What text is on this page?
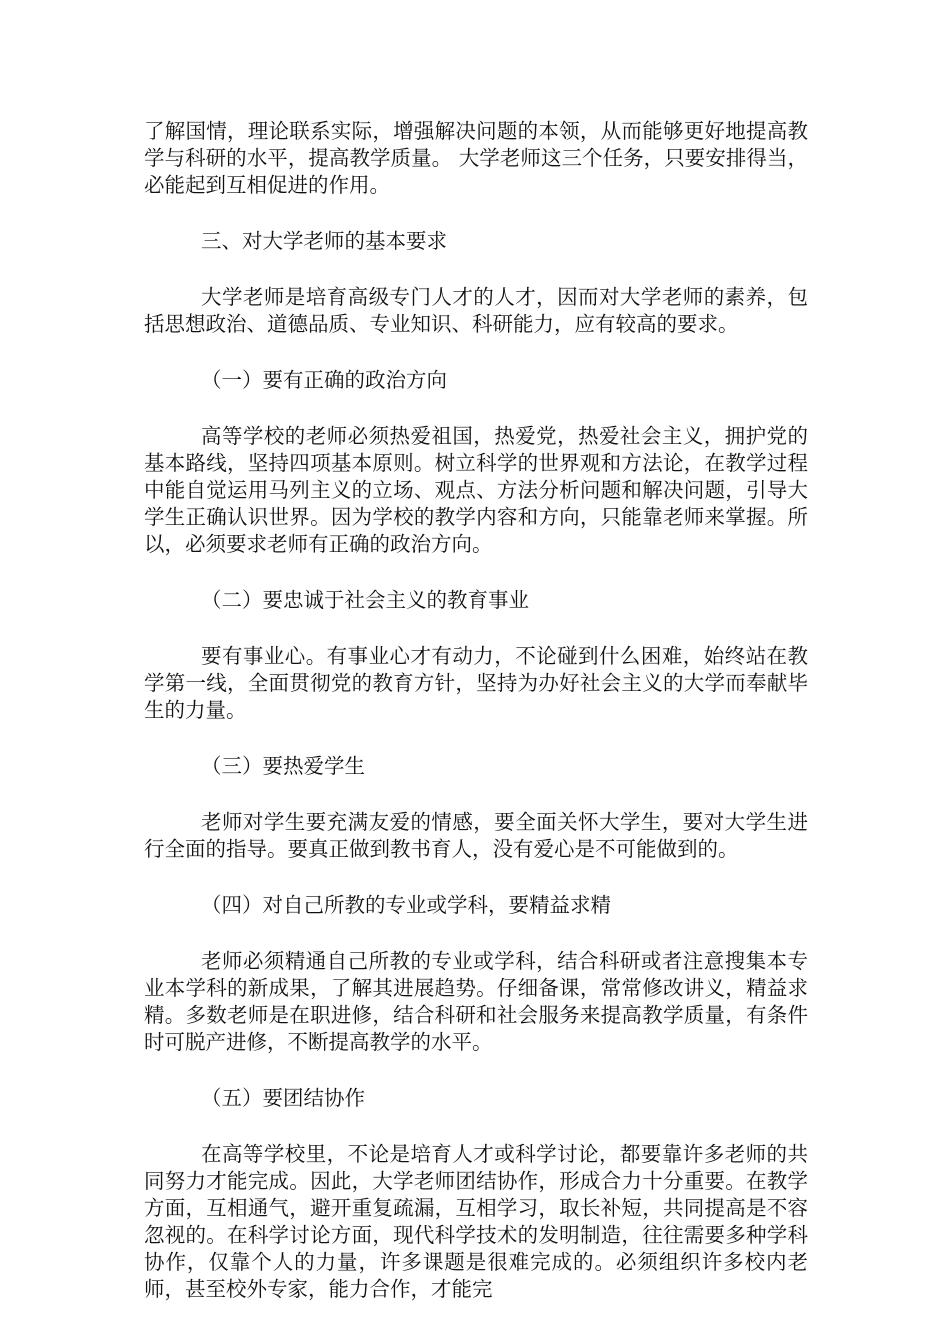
了解国情，理论联系实际，增强解决问题的本领，从而能够更好地提高教学与科研的水平，提高教学质量。 大学老师这三个任务，只要安排得当，必能起到互相促进的作用。

三、对大学老师的基本要求

大学老师是培育高级专门人才的人才，因而对大学老师的素养，包括思想政治、道德品质、专业知识、科研能力，应有较高的要求。

（一）要有正确的政治方向

高等学校的老师必须热爱祖国，热爱党，热爱社会主义，拥护党的基本路线，坚持四项基本原则。树立科学的世界观和方法论，在教学过程中能自觉运用马列主义的立场、观点、方法分析问题和解决问题，引导大学生正确认识世界。因为学校的教学内容和方向，只能靠老师来掌握。所以，必须要求老师有正确的政治方向。

（二）要忠诚于社会主义的教育事业

要有事业心。有事业心才有动力，不论碰到什么困难，始终站在教学第一线，全面贯彻党的教育方针，坚持为办好社会主义的大学而奉献毕生的力量。

（三）要热爱学生

老师对学生要充满友爱的情感，要全面关怀大学生，要对大学生进行全面的指导。要真正做到教书育人，没有爱心是不可能做到的。

（四）对自己所教的专业或学科，要精益求精

老师必须精通自己所教的专业或学科，结合科研或者注意搜集本专业本学科的新成果，了解其进展趋势。仔细备课，常常修改讲义，精益求精。多数老师是在职进修，结合科研和社会服务来提高教学质量，有条件时可脱产进修，不断提高教学的水平。

（五）要团结协作

在高等学校里，不论是培育人才或科学讨论，都要靠许多老师的共同努力才能完成。因此，大学老师团结协作，形成合力十分重要。在教学方面，互相通气，避开重复疏漏，互相学习，取长补短，共同提高是不容忽视的。在科学讨论方面，现代科学技术的发明制造，往往需要多种学科协作，仅靠个人的力量，许多课题是很难完成的。必须组织许多校内老师，甚至校外专家，能力合作，才能完
